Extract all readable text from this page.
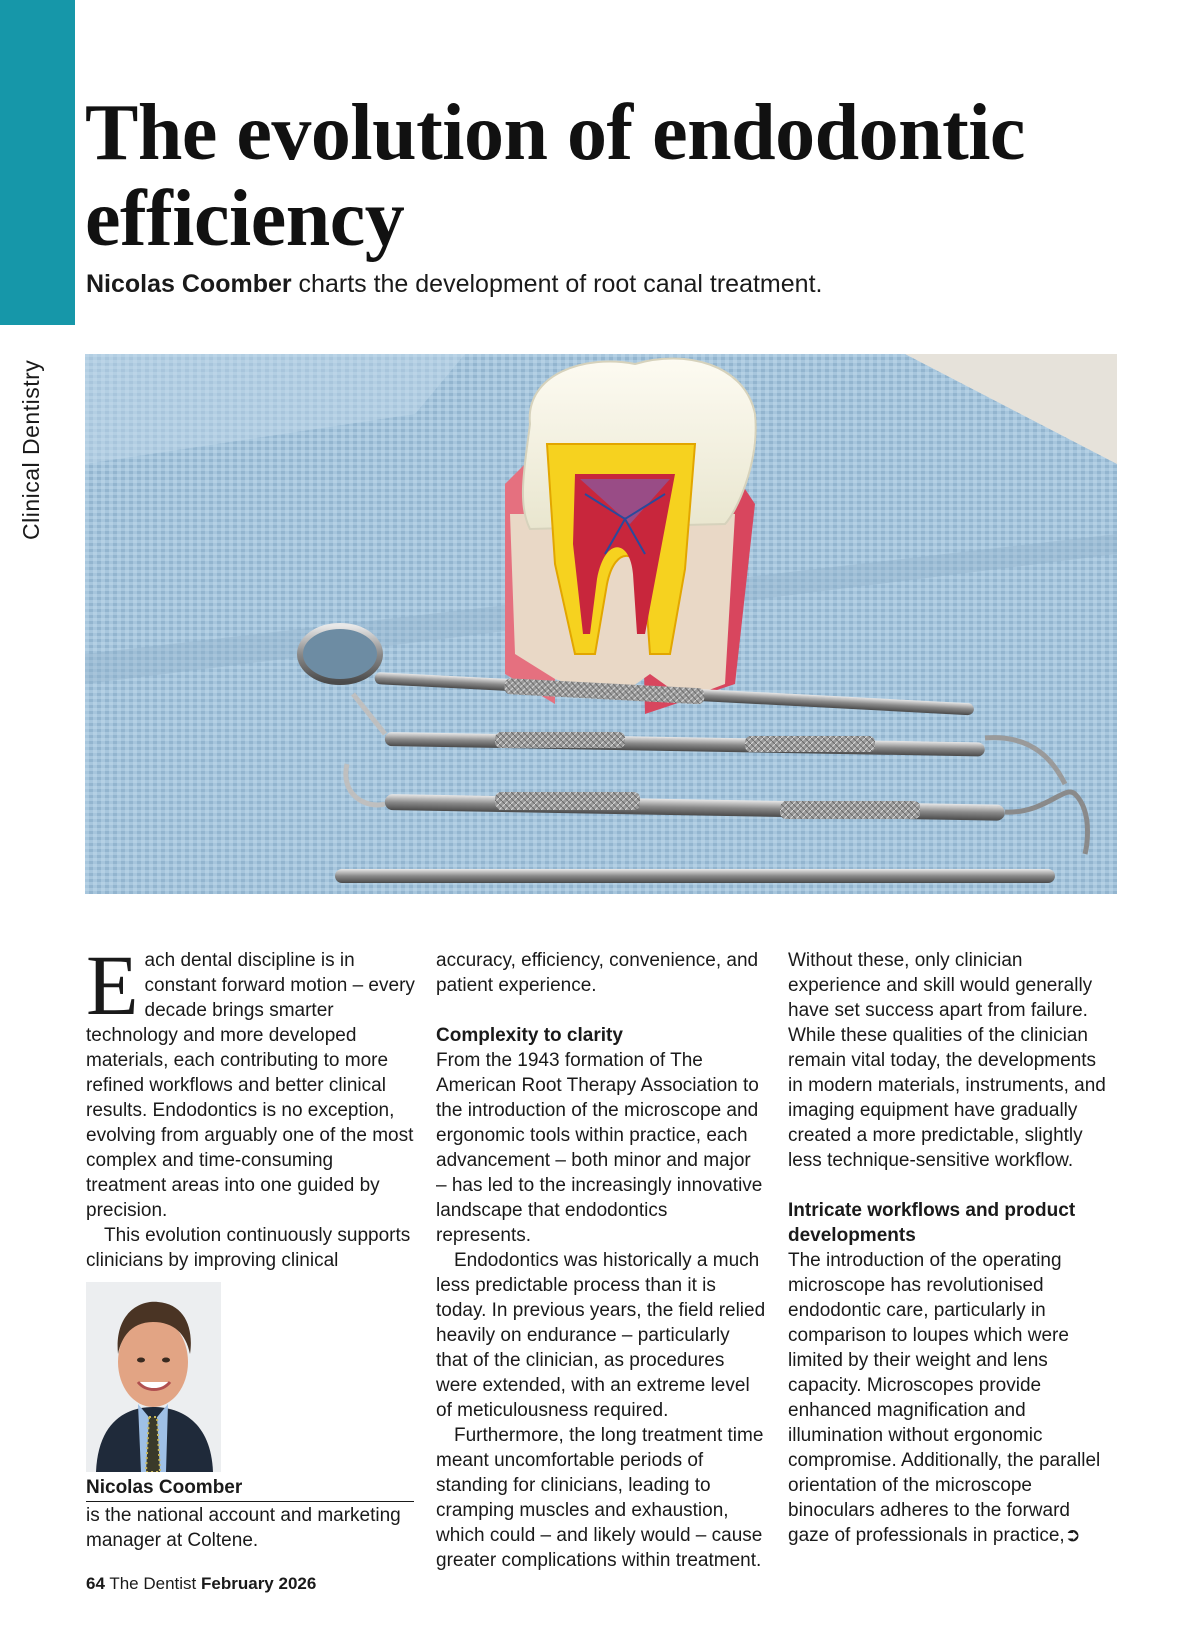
Clinical Dentistry
The evolution of endodontic efficiency
Nicolas Coomber charts the development of root canal treatment.

Each dental discipline is in constant forward motion – every decade brings smarter technology and more developed materials, each contributing to more refined workflows and better clinical results. Endodontics is no exception, evolving from arguably one of the most complex and time-consuming treatment areas into one guided by precision.

This evolution continuously supports clinicians by improving clinical

accuracy, efficiency, convenience, and patient experience.

Complexity to clarity

From the 1943 formation of The American Root Therapy Association to the introduction of the microscope and ergonomic tools within practice, each advancement – both minor and major – has led to the increasingly innovative landscape that endodontics represents.

Endodontics was historically a much less predictable process than it is today. In previous years, the field relied heavily on endurance – particularly that of the clinician, as procedures were extended, with an extreme level of meticulousness required.

Furthermore, the long treatment time meant uncomfortable periods of standing for clinicians, leading to cramping muscles and exhaustion, which could – and likely would – cause greater complications within treatment.

Without these, only clinician experience and skill would generally have set success apart from failure. While these qualities of the clinician remain vital today, the developments in modern materials, instruments, and imaging equipment have gradually created a more predictable, slightly less technique-sensitive workflow.

Intricate workflows and product developments

The introduction of the operating microscope has revolutionised endodontic care, particularly in comparison to loupes which were limited by their weight and lens capacity. Microscopes provide enhanced magnification and illumination without ergonomic compromise. Additionally, the parallel orientation of the microscope binoculars adheres to the forward gaze of professionals in practice,➲

Nicolas Coomber
is the national account and marketing manager at Coltene.
64 The Dentist February 2026
